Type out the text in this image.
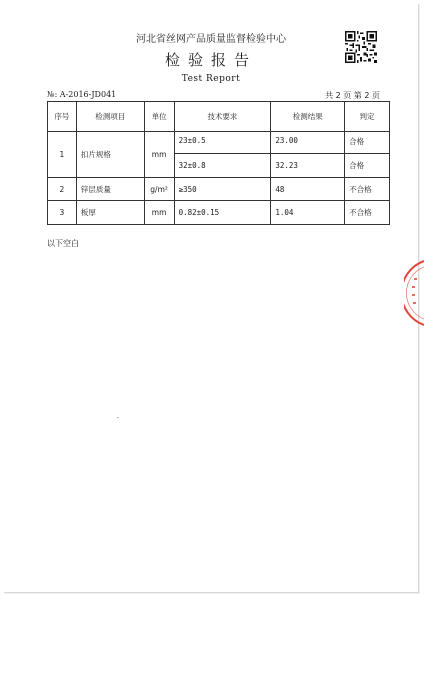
河北省丝网产品质量监督检验中心
检验报告
Test Report
№: A-2016-JD041	共 2 页 第 2 页
序号	检测项目	单位	技术要求	检测结果	判定
1	扣片规格	mm	23±0.5	23.00	合格
			32±0.8	32.23	合格
2	锌层质量	g/m²	≥350	48	不合格
3	板厚	mm	0.82±0.15	1.04	不合格
以下空白
